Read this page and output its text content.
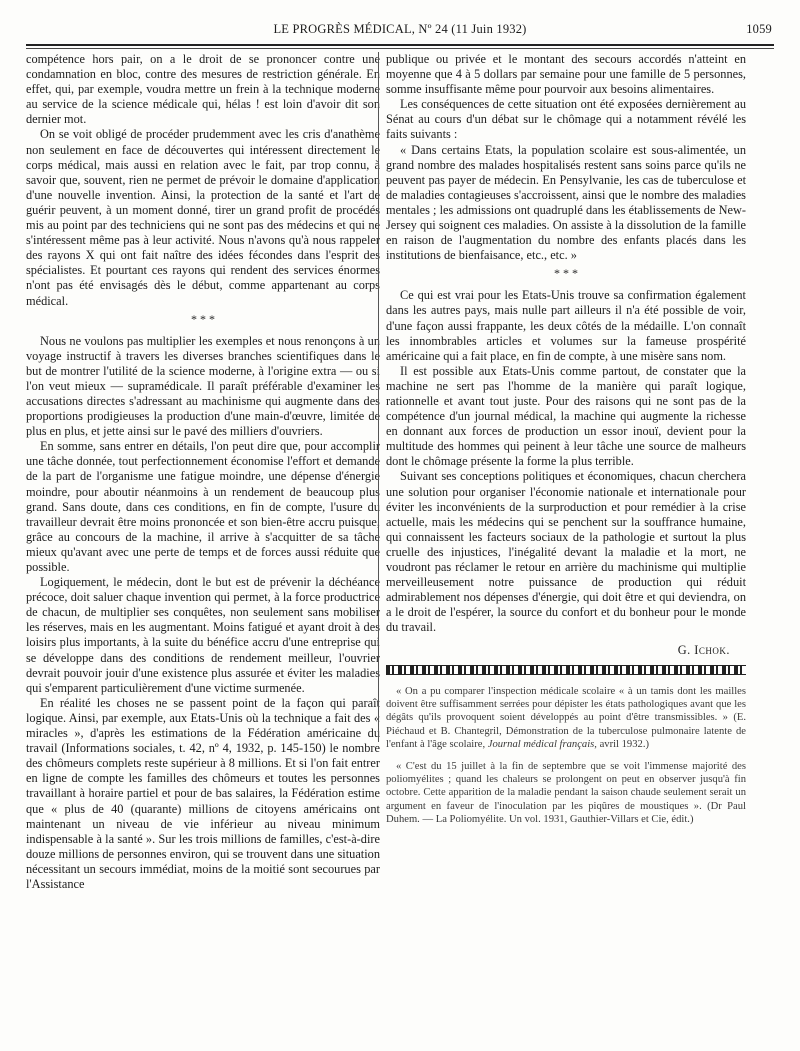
LE PROGRÈS MÉDICAL, Nº 24 (11 Juin 1932)	1059

compétence hors pair, on a le droit de se prononcer contre une condamnation en bloc, contre des mesures de restriction générale. En effet, qui, par exemple, voudra mettre un frein à la technique moderne au service de la science médicale qui, hélas ! est loin d'avoir dit son dernier mot.

On se voit obligé de procéder prudemment avec les cris d'anathème non seulement en face de découvertes qui intéressent directement le corps médical, mais aussi en relation avec le fait, par trop connu, à savoir que, souvent, rien ne permet de prévoir le domaine d'application d'une nouvelle invention. Ainsi, la protection de la santé et l'art de guérir peuvent, à un moment donné, tirer un grand profit de procédés mis au point par des techniciens qui ne sont pas des médecins et qui ne s'intéressent même pas à leur activité. Nous n'avons qu'à nous rappeler des rayons X qui ont fait naître des idées fécondes dans l'esprit des spécialistes. Et pourtant ces rayons qui rendent des services énormes n'ont pas été envisagés dès le début, comme appartenant au corps médical.

* * *

Nous ne voulons pas multiplier les exemples et nous renonçons à un voyage instructif à travers les diverses branches scientifiques dans le but de montrer l'utilité de la science moderne, à l'origine extra — ou si l'on veut mieux — supramédicale. Il paraît préférable d'examiner les accusations directes s'adressant au machinisme qui augmente dans des proportions prodigieuses la production d'une main-d'œuvre, limitée de plus en plus, et jette ainsi sur le pavé des milliers d'ouvriers.

En somme, sans entrer en détails, l'on peut dire que, pour accomplir une tâche donnée, tout perfectionnement économise l'effort et demande de la part de l'organisme une fatigue moindre, une dépense d'énergie moindre, pour aboutir néanmoins à un rendement de beaucoup plus grand. Sans doute, dans ces conditions, en fin de compte, l'usure du travailleur devrait être moins prononcée et son bien-être accru puisque, grâce au concours de la machine, il arrive à s'acquitter de sa tâche mieux qu'avant avec une perte de temps et de forces aussi réduite que possible.

Logiquement, le médecin, dont le but est de prévenir la déchéance précoce, doit saluer chaque invention qui permet, à la force productrice de chacun, de multiplier ses conquêtes, non seulement sans mobiliser les réserves, mais en les augmentant. Moins fatigué et ayant droit à des loisirs plus importants, à la suite du bénéfice accru d'une entreprise qui se développe dans des conditions de rendement meilleur, l'ouvrier devrait pouvoir jouir d'une existence plus assurée et éviter les maladies qui s'emparent particulièrement d'une victime surmenée.

En réalité les choses ne se passent point de la façon qui paraît logique. Ainsi, par exemple, aux Etats-Unis où la technique a fait des « miracles », d'après les estimations de la Fédération américaine du travail (Informations sociales, t. 42, nº 4, 1932, p. 145-150) le nombre des chômeurs complets reste supérieur à 8 millions. Et si l'on fait entrer en ligne de compte les familles des chômeurs et toutes les personnes travaillant à horaire partiel et pour de bas salaires, la Fédération estime que « plus de 40 (quarante) millions de citoyens américains ont maintenant un niveau de vie inférieur au niveau minimum indispensable à la santé ». Sur les trois millions de familles, c'est-à-dire douze millions de personnes environ, qui se trouvent dans une situation nécessitant un secours immédiat, moins de la moitié sont secourues par l'Assistance

publique ou privée et le montant des secours accordés n'atteint en moyenne que 4 à 5 dollars par semaine pour une famille de 5 personnes, somme insuffisante même pour pourvoir aux besoins alimentaires.

Les conséquences de cette situation ont été exposées dernièrement au Sénat au cours d'un débat sur le chômage qui a notamment révélé les faits suivants :

« Dans certains Etats, la population scolaire est sous-alimentée, un grand nombre des malades hospitalisés restent sans soins parce qu'ils ne peuvent pas payer de médecin. En Pensylvanie, les cas de tuberculose et de maladies contagieuses s'accroissent, ainsi que le nombre des maladies mentales ; les admissions ont quadruplé dans les établissements de New-Jersey qui soignent ces maladies. On assiste à la dissolution de la famille en raison de l'augmentation du nombre des enfants placés dans les institutions de bienfaisance, etc., etc. »

* * *

Ce qui est vrai pour les Etats-Unis trouve sa confirmation également dans les autres pays, mais nulle part ailleurs il n'a été possible de voir, d'une façon aussi frappante, les deux côtés de la médaille. L'on connaît les innombrables articles et volumes sur la fameuse prospérité américaine qui a fait place, en fin de compte, à une misère sans nom.

Il est possible aux Etats-Unis comme partout, de constater que la machine ne sert pas l'homme de la manière qui paraît logique, rationnelle et avant tout juste. Pour des raisons qui ne sont pas de la compétence d'un journal médical, la machine qui augmente la richesse en donnant aux forces de production un essor inouï, devient pour la multitude des hommes qui peinent à leur tâche une source de malheurs dont le chômage présente la forme la plus terrible.

Suivant ses conceptions politiques et économiques, chacun cherchera une solution pour organiser l'économie nationale et internationale pour éviter les inconvénients de la surproduction et pour remédier à la crise actuelle, mais les médecins qui se penchent sur la souffrance humaine, qui connaissent les facteurs sociaux de la pathologie et surtout la plus cruelle des injustices, l'inégalité devant la maladie et la mort, ne voudront pas réclamer le retour en arrière du machinisme qui multiplie merveilleusement notre puissance de production qui réduit admirablement nos dépenses d'énergie, qui doit être et qui deviendra, on a le droit de l'espérer, la source du confort et du bonheur pour le monde du travail.

G. Ichok.

« On a pu comparer l'inspection médicale scolaire « à un tamis dont les mailles doivent être suffisamment serrées pour dépister les états pathologiques avant que les dégâts qu'ils provoquent soient développés au point d'être transmissibles. » (E. Piéchaud et B. Chantegril, Démonstration de la tuberculose pulmonaire latente de l'enfant à l'âge scolaire, Journal médical français, avril 1932.)

« C'est du 15 juillet à la fin de septembre que se voit l'immense majorité des poliomyélites ; quand les chaleurs se prolongent on peut en observer jusqu'à fin octobre. Cette apparition de la maladie pendant la saison chaude seulement serait un argument en faveur de l'inoculation par les piqûres de moustiques ». (Dr Paul Duhem. — La Poliomyélite. Un vol. 1931, Gauthier-Villars et Cie, édit.)
